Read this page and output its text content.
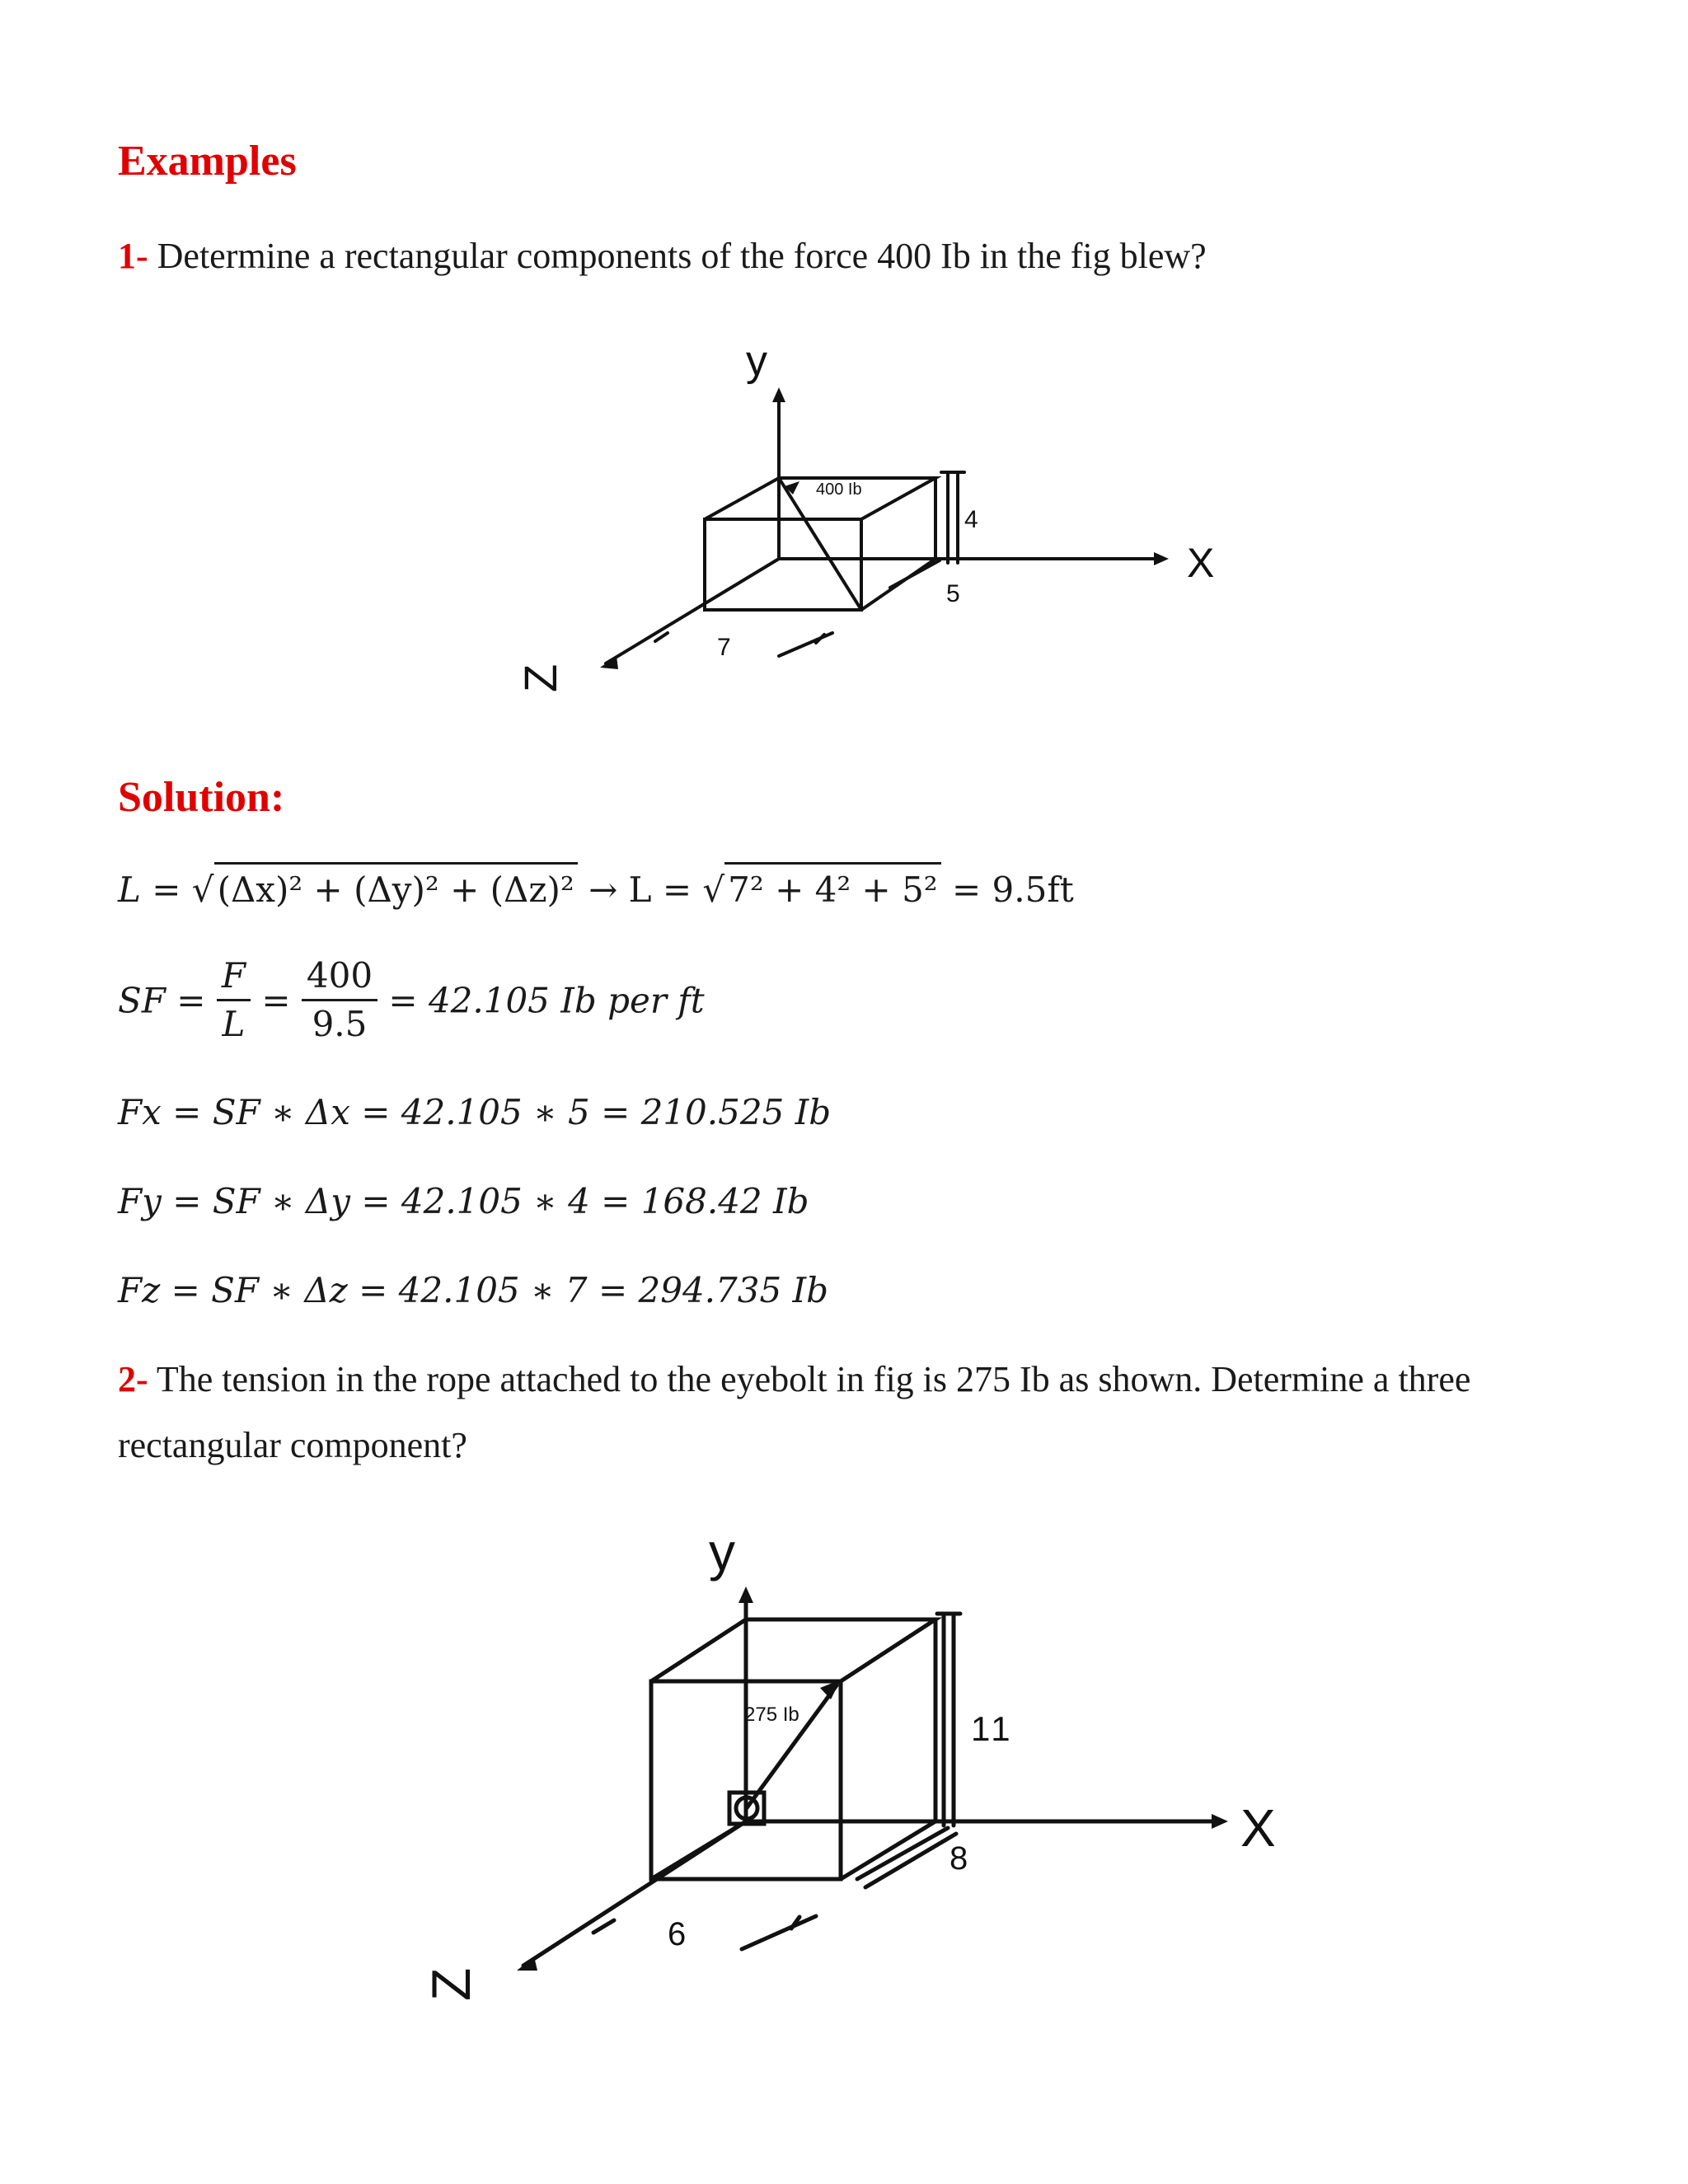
Examples
1- Determine a rectangular components of the force 400 Ib in the fig blew?
400 Ib
4
5
7
X
y
Z
Solution:
L = √(Δx)² + (Δy)² + (Δz)² → L = √7² + 4² + 5² = 9.5ft
SF = $\frac{F}{L} = \frac{400}{9.5} = 42.105$ Ib per ft
Fx = SF ∗ Δx = 42.105 ∗ 5 = 210.525 Ib
Fy = SF ∗ Δy = 42.105 ∗ 4 = 168.42 Ib
Fz = SF ∗ Δz = 42.105 ∗ 7 = 294.735 Ib
2- The tension in the rope attached to the eyebolt in fig is 275 Ib as shown. Determine a three
rectangular component?
275 Ib	11
8
6
X
y
Z
